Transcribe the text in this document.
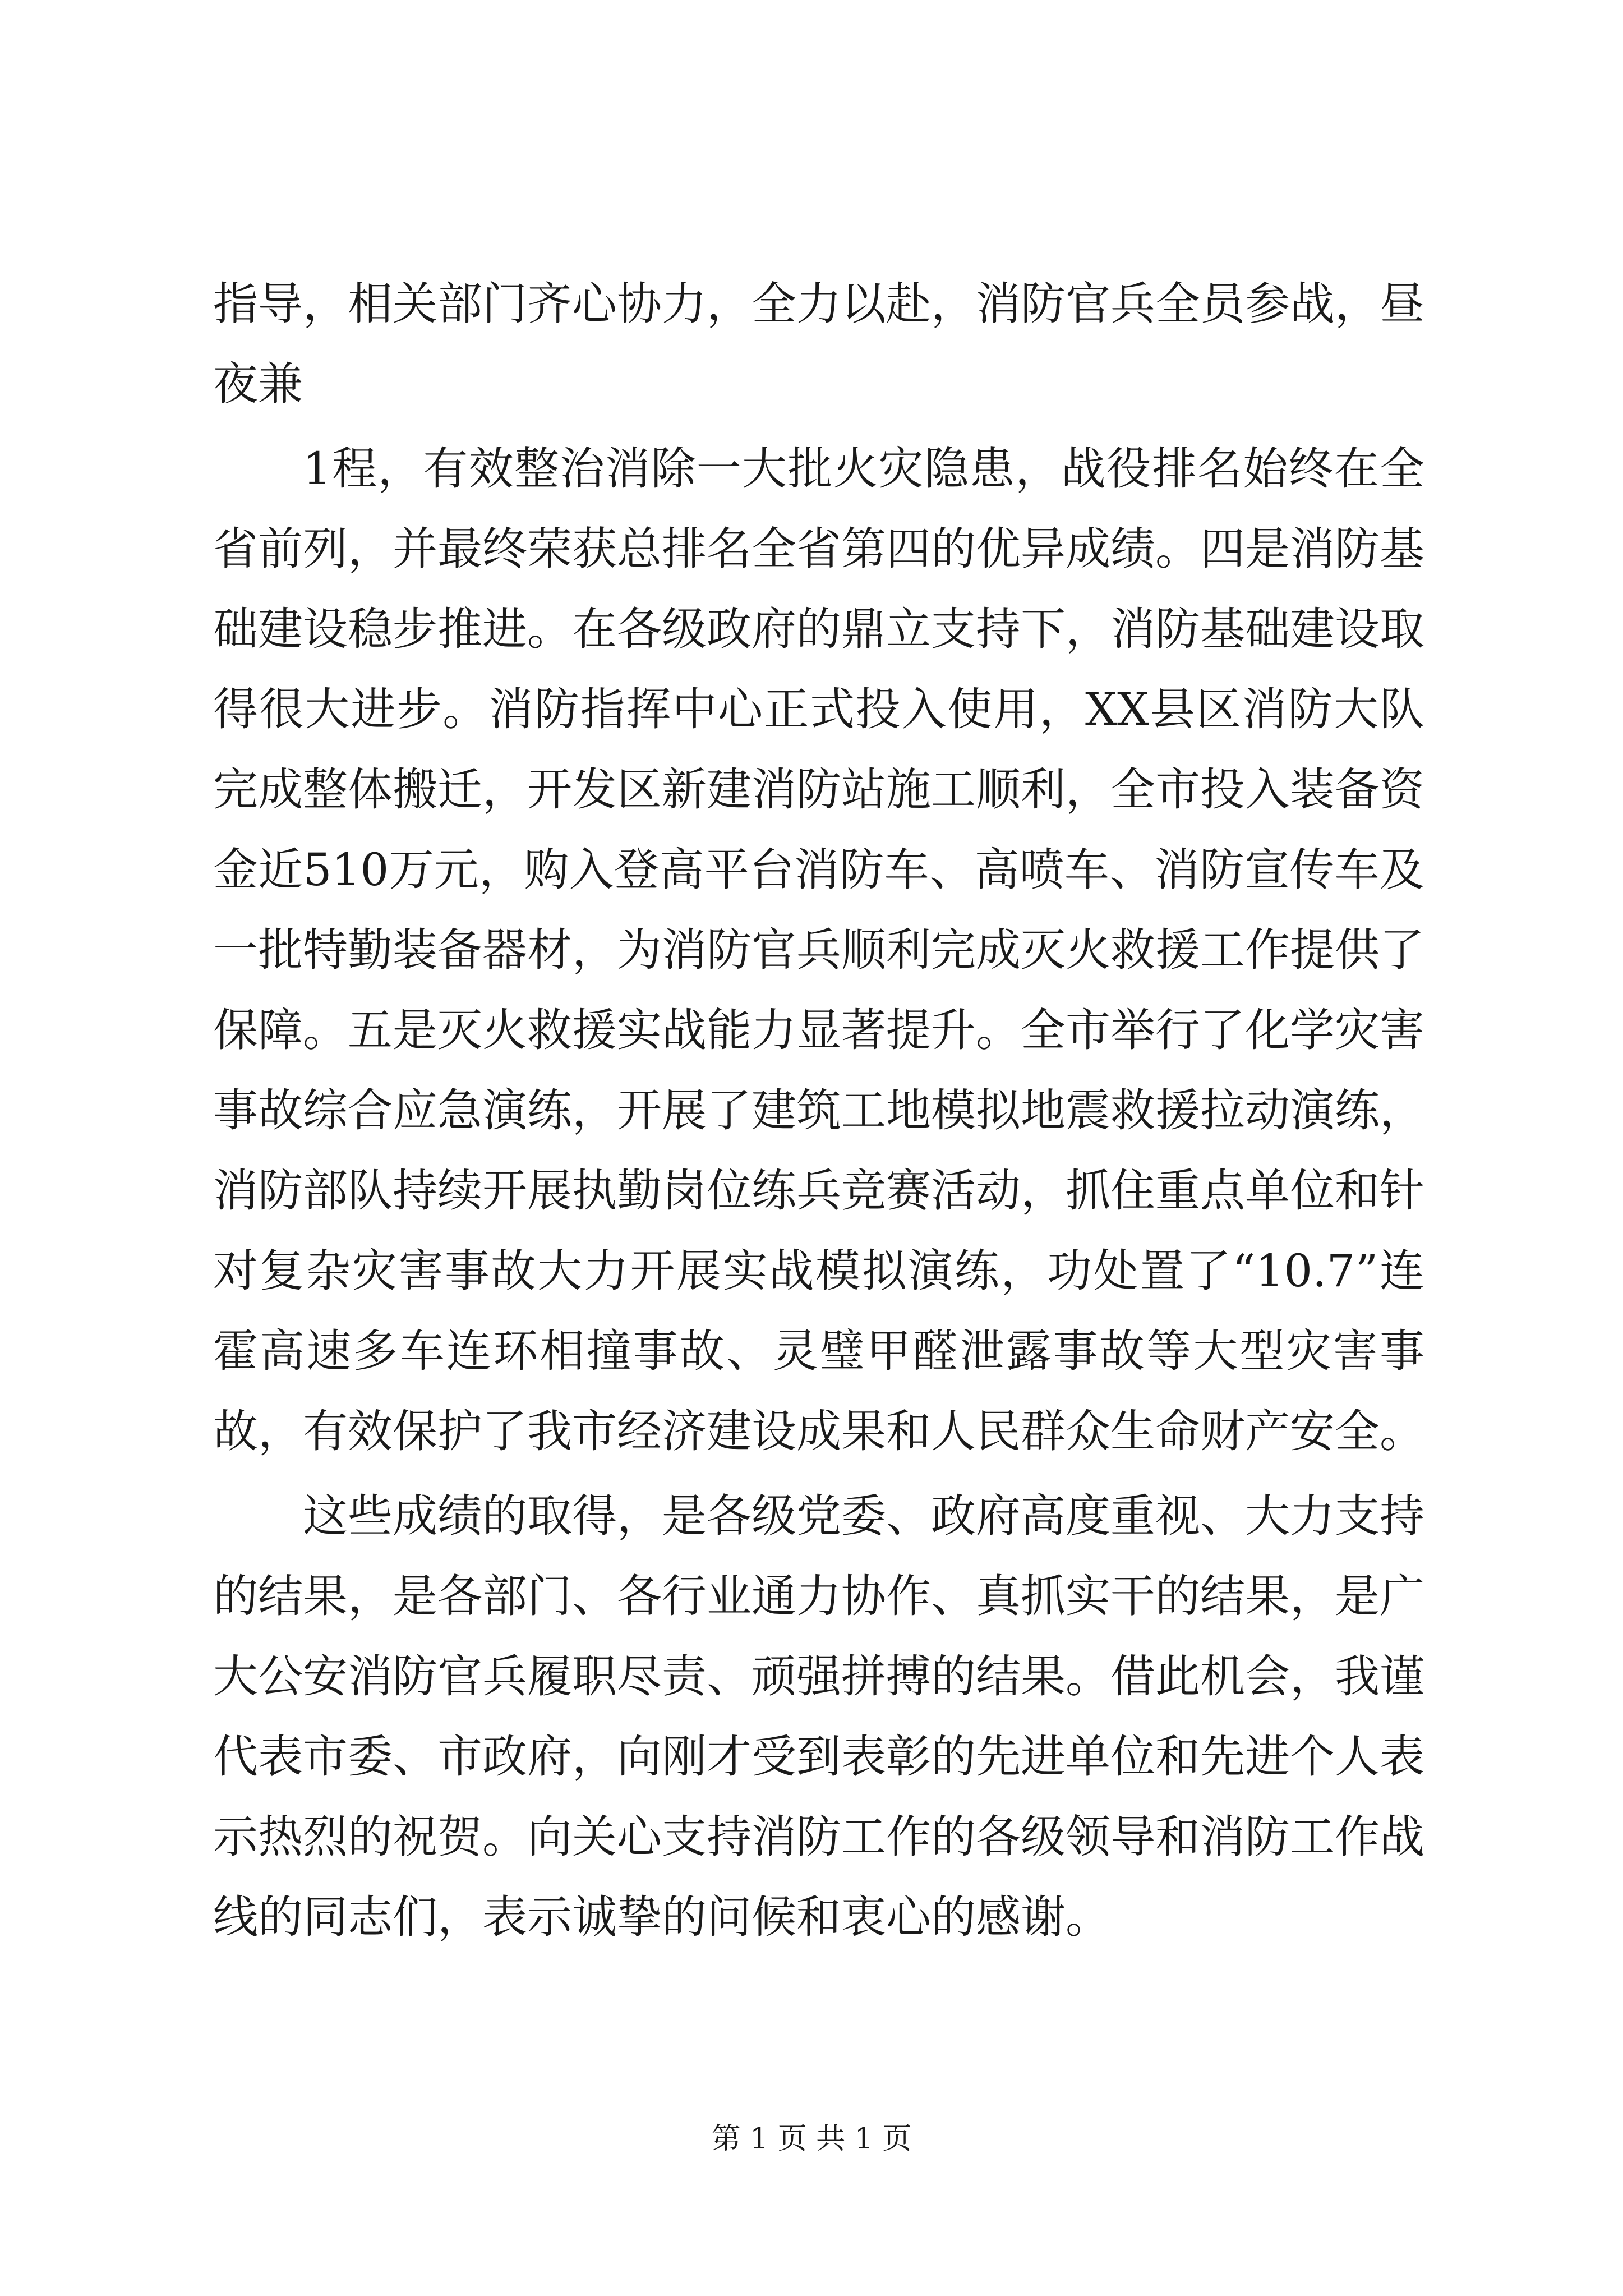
指导，相关部门齐心协力，全力以赴，消防官兵全员参战，昼夜兼

1程，有效整治消除一大批火灾隐患，战役排名始终在全省前列，并最终荣获总排名全省第四的优异成绩。四是消防基础建设稳步推进。在各级政府的鼎立支持下，消防基础建设取得很大进步。消防指挥中心正式投入使用，XX县区消防大队完成整体搬迁，开发区新建消防站施工顺利，全市投入装备资金近510万元，购入登高平台消防车、高喷车、消防宣传车及一批特勤装备器材，为消防官兵顺利完成灭火救援工作提供了保障。五是灭火救援实战能力显著提升。全市举行了化学灾害事故综合应急演练，开展了建筑工地模拟地震救援拉动演练，消防部队持续开展执勤岗位练兵竞赛活动，抓住重点单位和针对复杂灾害事故大力开展实战模拟演练，功处置了“10.7”连霍高速多车连环相撞事故、灵璧甲醛泄露事故等大型灾害事故，有效保护了我市经济建设成果和人民群众生命财产安全。

这些成绩的取得，是各级党委、政府高度重视、大力支持的结果，是各部门、各行业通力协作、真抓实干的结果，是广大公安消防官兵履职尽责、顽强拼搏的结果。借此机会，我谨代表市委、市政府，向刚才受到表彰的先进单位和先进个人表示热烈的祝贺。向关心支持消防工作的各级领导和消防工作战线的同志们，表示诚挚的问候和衷心的感谢。

第 1 页 共 1 页
